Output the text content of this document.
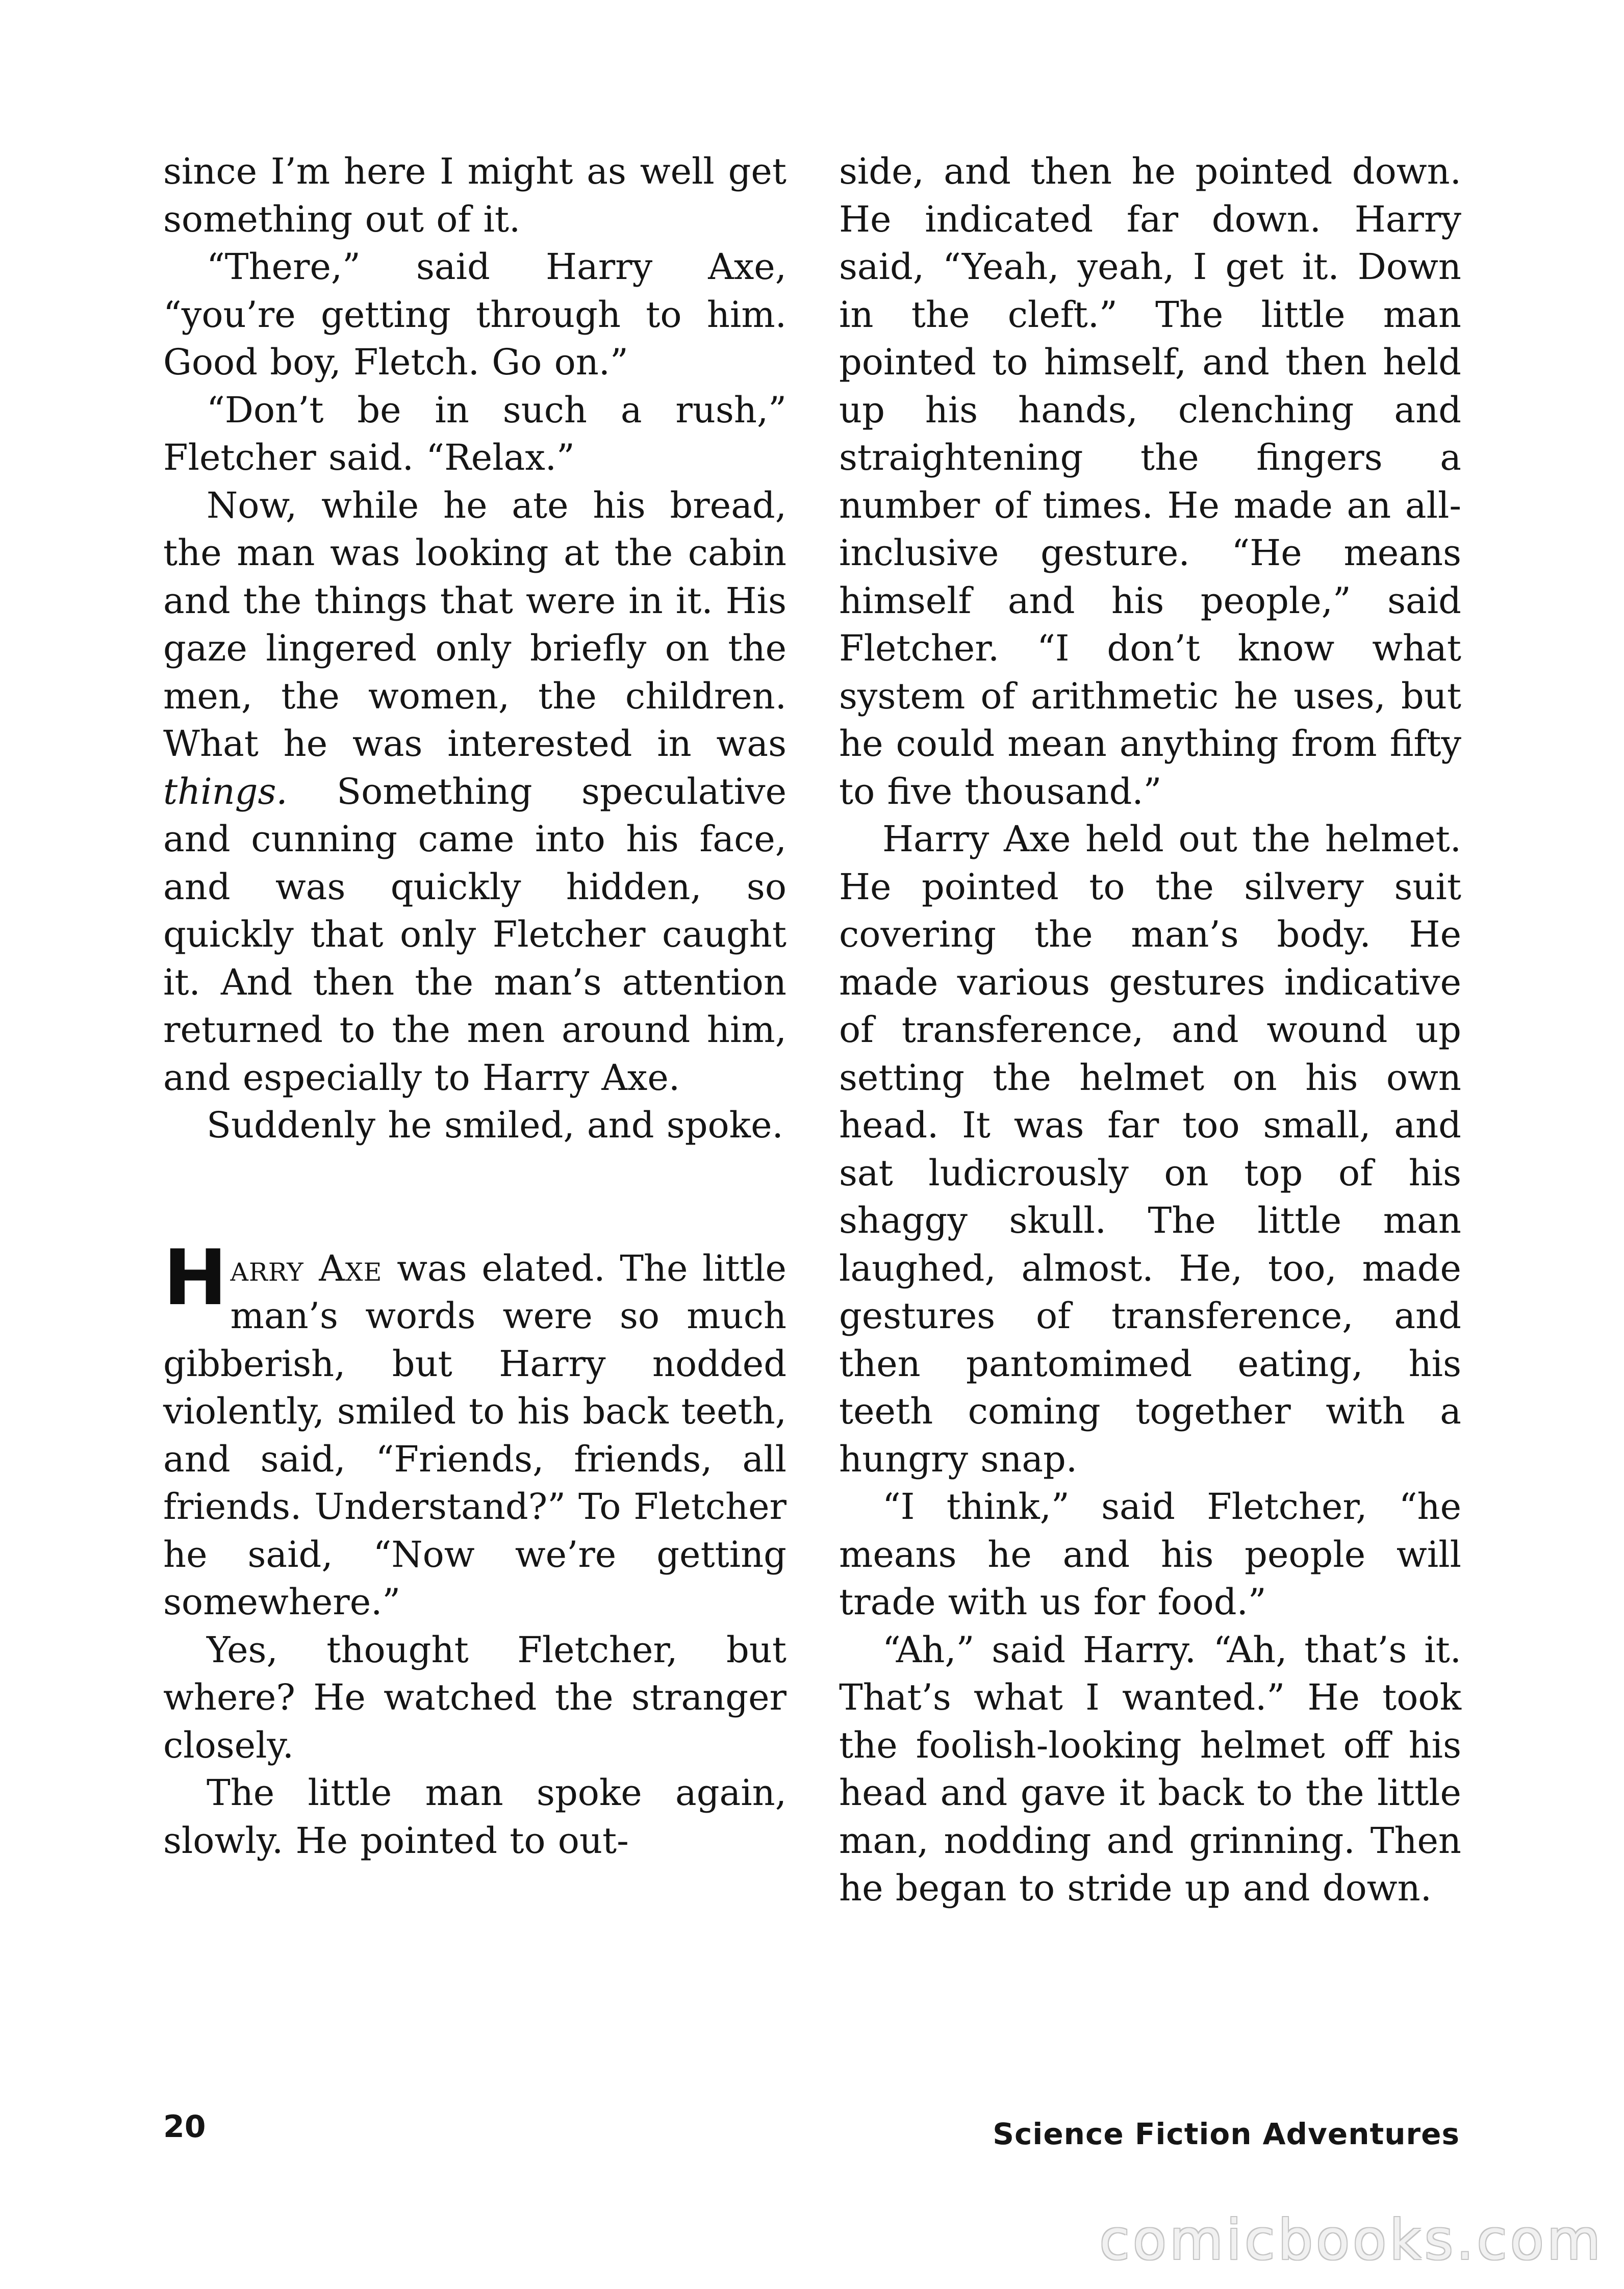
since I’m here I might as well get something out of it.

“There,” said Harry Axe, “you’re getting through to him. Good boy, Fletch. Go on.”

“Don’t be in such a rush,” Fletcher said. “Relax.”

Now, while he ate his bread, the man was looking at the cabin and the things that were in it. His gaze lingered only briefly on the men, the women, the children. What he was interested in was things. Something speculative and cunning came into his face, and was quickly hidden, so quickly that only Fletcher caught it. And then the man’s attention returned to the men around him, and especially to Harry Axe.

Suddenly he smiled, and spoke.

Harry Axe was elated. The little man’s words were so much gibberish, but Harry nodded violently, smiled to his back teeth, and said, “Friends, friends, all friends. Understand?” To Fletcher he said, “Now we’re getting somewhere.”

Yes, thought Fletcher, but where? He watched the stranger closely.

The little man spoke again, slowly. He pointed to out-

side, and then he pointed down. He indicated far down. Harry said, “Yeah, yeah, I get it. Down in the cleft.” The little man pointed to himself, and then held up his hands, clenching and straightening the fingers a number of times. He made an all-inclusive gesture. “He means himself and his people,” said Fletcher. “I don’t know what system of arithmetic he uses, but he could mean anything from fifty to five thousand.”

Harry Axe held out the helmet. He pointed to the silvery suit covering the man’s body. He made various gestures indicative of transference, and wound up setting the helmet on his own head. It was far too small, and sat ludicrously on top of his shaggy skull. The little man laughed, almost. He, too, made gestures of transference, and then pantomimed eating, his teeth coming together with a hungry snap.

“I think,” said Fletcher, “he means he and his people will trade with us for food.”

“Ah,” said Harry. “Ah, that’s it. That’s what I wanted.” He took the foolish-looking helmet off his head and gave it back to the little man, nodding and grinning. Then he began to stride up and down.

20	Science Fiction Adventures
comicbooks.com
